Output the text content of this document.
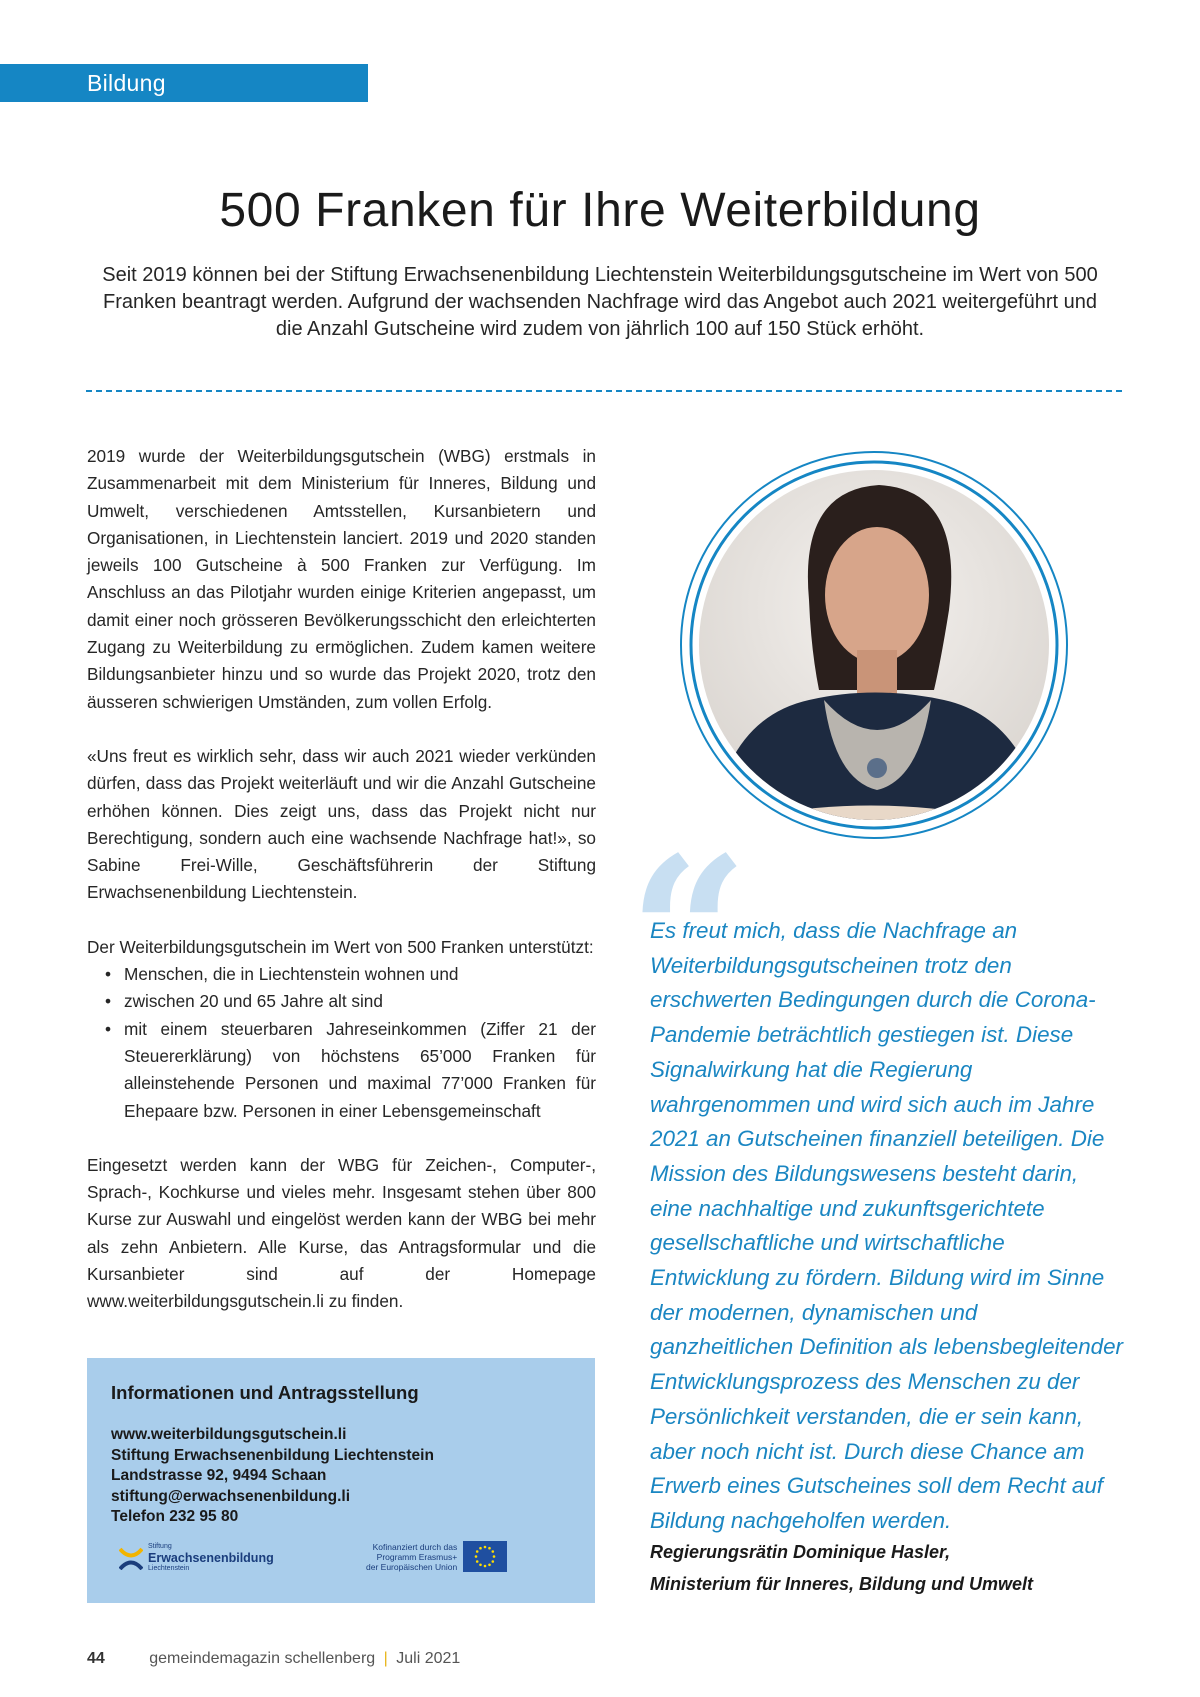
Bildung
500 Franken für Ihre Weiterbildung

Seit 2019 können bei der Stiftung Erwachsenenbildung Liechtenstein Weiterbildungsgutscheine im Wert von 500 Franken beantragt werden. Aufgrund der wachsenden Nachfrage wird das Angebot auch 2021 weitergeführt und die Anzahl Gutscheine wird zudem von jährlich 100 auf 150 Stück erhöht.

2019 wurde der Weiterbildungsgutschein (WBG) erstmals in Zusammenarbeit mit dem Ministerium für Inneres, Bildung und Umwelt, verschiedenen Amtsstellen, Kursanbietern und Organisationen, in Liechtenstein lanciert. 2019 und 2020 standen jeweils 100 Gutscheine à 500 Franken zur Verfügung. Im Anschluss an das Pilotjahr wurden einige Kriterien angepasst, um damit einer noch grösseren Bevölkerungsschicht den erleichterten Zugang zu Weiterbildung zu ermöglichen. Zudem kamen weitere Bildungsanbieter hinzu und so wurde das Projekt 2020, trotz den äusseren schwierigen Umständen, zum vollen Erfolg.

«Uns freut es wirklich sehr, dass wir auch 2021 wieder verkünden dürfen, dass das Projekt weiterläuft und wir die Anzahl Gutscheine erhöhen können. Dies zeigt uns, dass das Projekt nicht nur Berechtigung, sondern auch eine wachsende Nachfrage hat!», so Sabine Frei-Wille, Geschäftsführerin der Stiftung Erwachsenenbildung Liechtenstein.

Der Weiterbildungsgutschein im Wert von 500 Franken unterstützt:

• Menschen, die in Liechtenstein wohnen und
• zwischen 20 und 65 Jahre alt sind
• mit einem steuerbaren Jahreseinkommen (Ziffer 21 der Steuererklärung) von höchstens 65’000 Franken für alleinstehende Personen und maximal 77’000 Franken für Ehepaare bzw. Personen in einer Lebensgemeinschaft

Eingesetzt werden kann der WBG für Zeichen-, Computer-, Sprach-, Kochkurse und vieles mehr. Insgesamt stehen über 800 Kurse zur Auswahl und eingelöst werden kann der WBG bei mehr als zehn Anbietern. Alle Kurse, das Antragsformular und die Kursanbieter sind auf der Homepage www.weiterbildungsgutschein.li zu finden.

Informationen und Antragsstellung
www.weiterbildungsgutschein.li
Stiftung Erwachsenenbildung Liechtenstein
Landstrasse 92, 9494 Schaan
stiftung@erwachsenenbildung.li
Telefon 232 95 80
Stiftung
Erwachsenenbildung
Liechtenstein
Kofinanziert durch das
Programm Erasmus+
der Europäischen Union
“
Es freut mich, dass die Nachfrage an Weiterbildungsgutscheinen trotz den erschwerten Bedingungen durch die Corona-Pandemie beträchtlich gestiegen ist. Diese Signalwirkung hat die Regierung wahrgenommen und wird sich auch im Jahre 2021 an Gutscheinen finanziell beteiligen. Die Mission des Bildungswesens besteht darin, eine nachhaltige und zukunftsgerichtete gesellschaftliche und wirtschaftliche Entwicklung zu fördern. Bildung wird im Sinne der modernen, dynamischen und ganzheitlichen Definition als lebensbegleitender Entwicklungsprozess des Menschen zu der Persönlichkeit verstanden, die er sein kann, aber noch nicht ist. Durch diese Chance am Erwerb eines Gutscheines soll dem Recht auf Bildung nachgeholfen werden.
Regierungsrätin Dominique Hasler,
Ministerium für Inneres, Bildung und Umwelt
44	gemeindemagazin schellenberg | Juli 2021
